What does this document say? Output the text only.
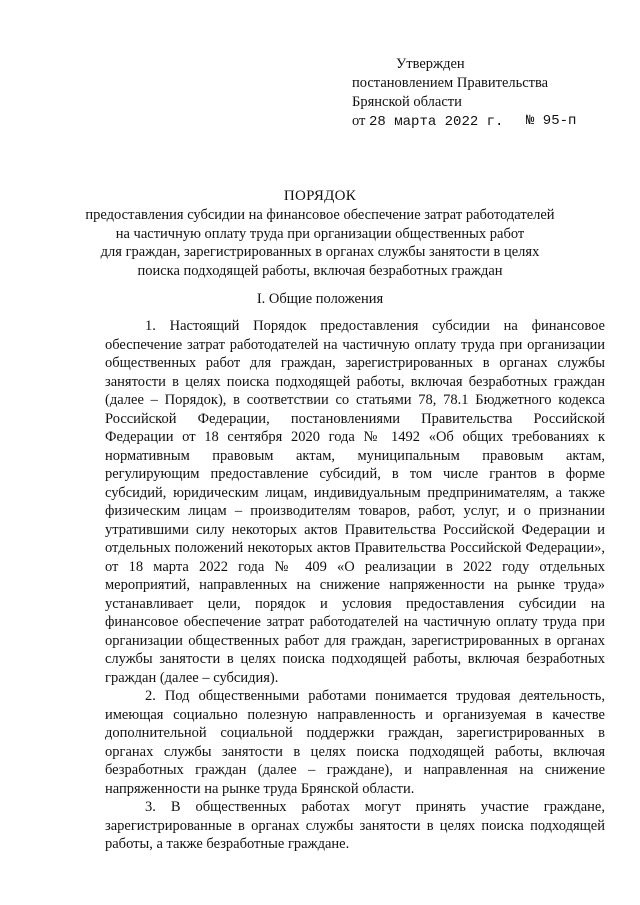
Утвержден
постановлением Правительства
Брянской области
от 28 марта 2022 г. № 95-п
ПОРЯДОК
предоставления субсидии на финансовое обеспечение затрат работодателей
на частичную оплату труда при организации общественных работ
для граждан, зарегистрированных в органах службы занятости в целях
поиска подходящей работы, включая безработных граждан
I. Общие положения

1. Настоящий Порядок предоставления субсидии на финансовое обеспечение затрат работодателей на частичную оплату труда при организации общественных работ для граждан, зарегистрированных в органах службы занятости в целях поиска подходящей работы, включая безработных граждан (далее – Порядок), в соответствии со статьями 78, 78.1 Бюджетного кодекса Российской Федерации, постановлениями Правительства Российской Федерации от 18 сентября 2020 года № 1492 «Об общих требованиях к нормативным правовым актам, муниципальным правовым актам, регулирующим предоставление субсидий, в том числе грантов в форме субсидий, юридическим лицам, индивидуальным предпринимателям, а также физическим лицам – производителям товаров, работ, услуг, и о признании утратившими силу некоторых актов Правительства Российской Федерации и отдельных положений некоторых актов Правительства Российской Федерации», от 18 марта 2022 года № 409 «О реализации в 2022 году отдельных мероприятий, направленных на снижение напряженности на рынке труда» устанавливает цели, порядок и условия предоставления субсидии на финансовое обеспечение затрат работодателей на частичную оплату труда при организации общественных работ для граждан, зарегистрированных в органах службы занятости в целях поиска подходящей работы, включая безработных граждан (далее – субсидия).

2. Под общественными работами понимается трудовая деятельность, имеющая социально полезную направленность и организуемая в качестве дополнительной социальной поддержки граждан, зарегистрированных в органах службы занятости в целях поиска подходящей работы, включая безработных граждан (далее – граждане), и направленная на снижение напряженности на рынке труда Брянской области.

3. В общественных работах могут принять участие граждане, зарегистрированные в органах службы занятости в целях поиска подходящей работы, а также безработные граждане.
